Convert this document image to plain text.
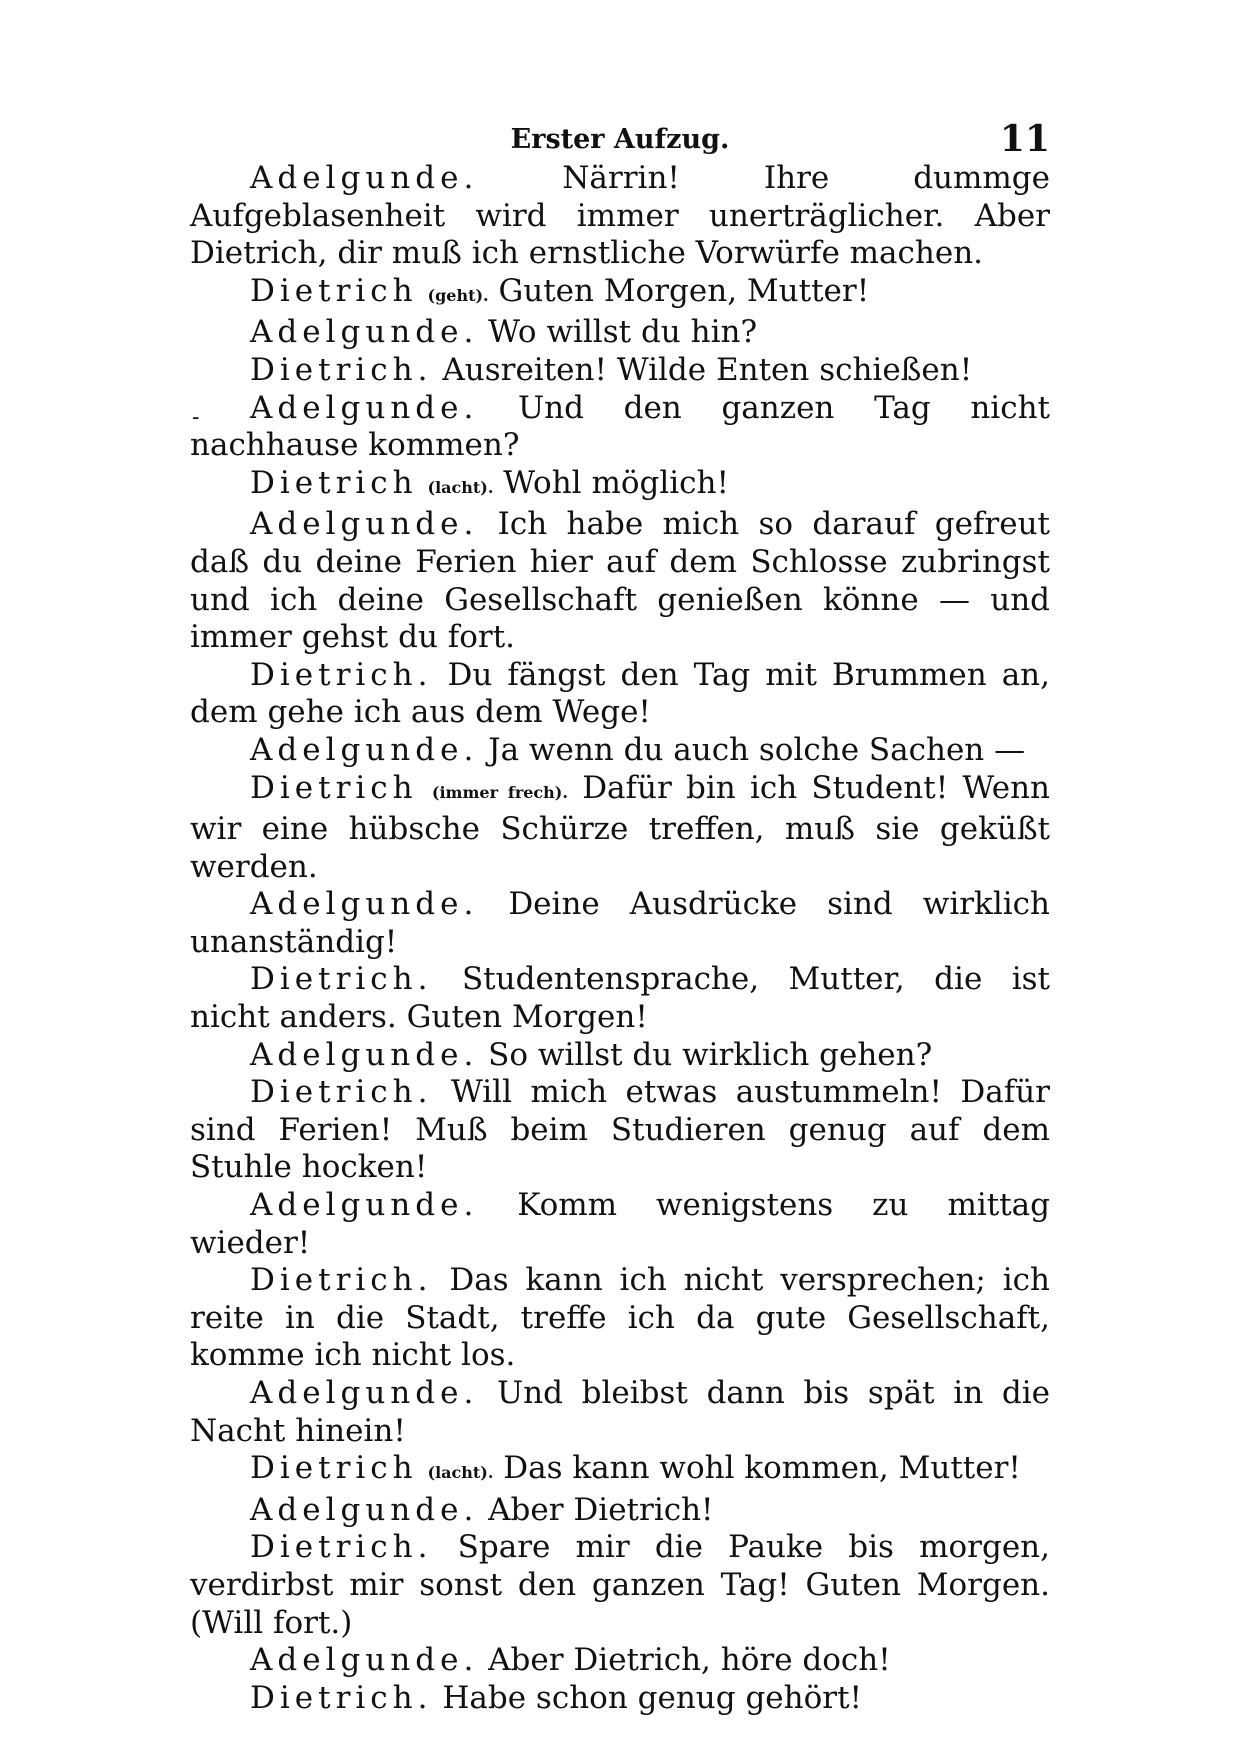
Erster Aufzug.	11

Adelgunde.	Närrin! Ihre dummge Aufgeblasenheit wird immer unerträglicher. Aber Dietrich, dir muß ich ernstliche Vorwürfe machen.

Dietrich (geht). Guten Morgen, Mutter!

Adelgunde. Wo willst du hin?

Dietrich. Ausreiten! Wilde Enten schießen!

Adelgunde. Und den ganzen Tag nicht nachhause kommen?

Dietrich (lacht). Wohl möglich!

Adelgunde. Ich habe mich so darauf gefreut daß du deine Ferien hier auf dem Schlosse zubringst und ich deine Gesellschaft genießen könne — und immer gehst du fort.

Dietrich. Du fängst den Tag mit Brummen an, dem gehe ich aus dem Wege!

Adelgunde. Ja wenn du auch solche Sachen —

Dietrich (immer frech). Dafür bin ich Student! Wenn wir eine hübsche Schürze treffen, muß sie geküßt werden.

Adelgunde. Deine Ausdrücke sind wirklich unanständig!

Dietrich. Studentensprache, Mutter, die ist nicht anders. Guten Morgen!

Adelgunde. So willst du wirklich gehen?

Dietrich. Will mich etwas austummeln! Dafür sind Ferien! Muß beim Studieren genug auf dem Stuhle hocken!

Adelgunde. Komm wenigstens zu mittag wieder!

Dietrich. Das kann ich nicht versprechen; ich reite in die Stadt, treffe ich da gute Gesellschaft, komme ich nicht los.

Adelgunde. Und bleibst dann bis spät in die Nacht hinein!

Dietrich (lacht). Das kann wohl kommen, Mutter!

Adelgunde. Aber Dietrich!

Dietrich. Spare mir die Pauke bis morgen, verdirbst mir sonst den ganzen Tag! Guten Morgen. (Will fort.)

Adelgunde. Aber Dietrich, höre doch!

Dietrich. Habe schon genug gehört!

-
